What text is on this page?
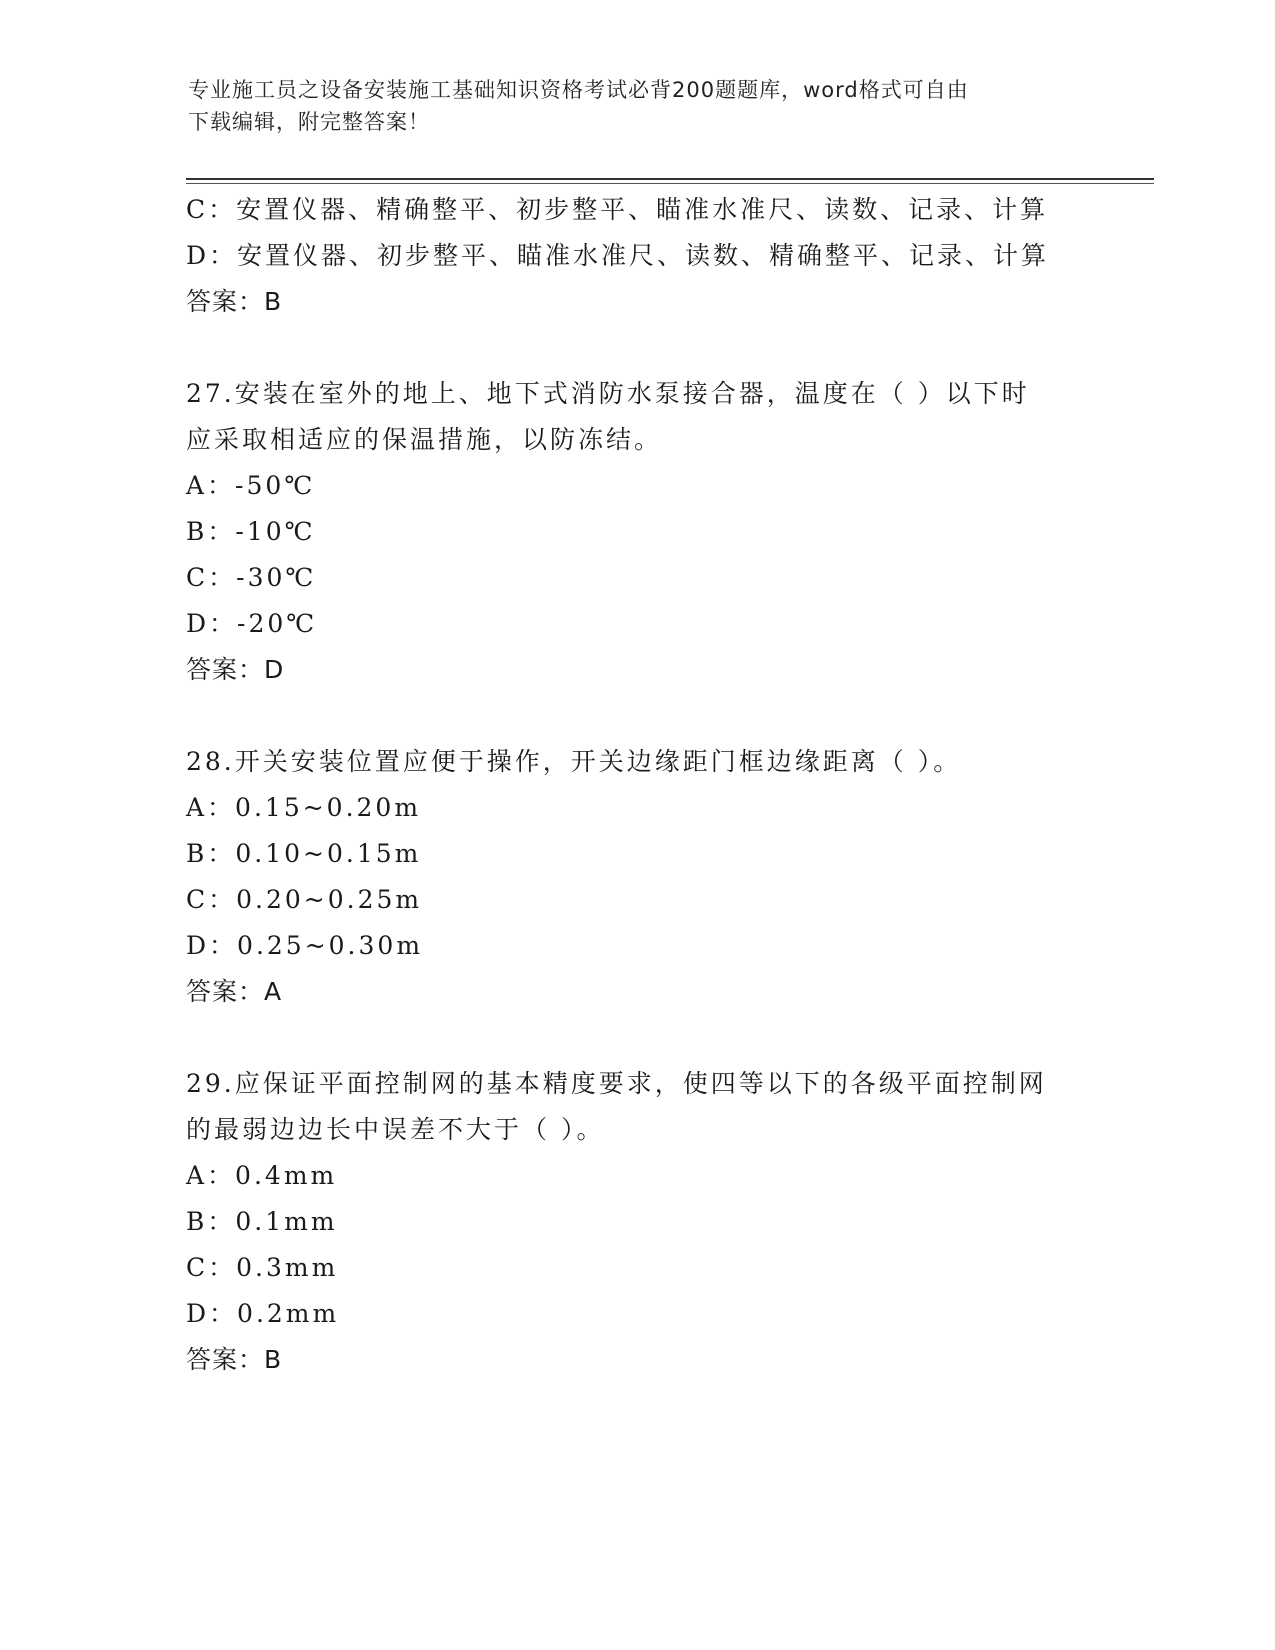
专业施工员之设备安装施工基础知识资格考试必背200题题库，word格式可自由
下载编辑，附完整答案！
C：安置仪器、精确整平、初步整平、瞄准水准尺、读数、记录、计算
D：安置仪器、初步整平、瞄准水准尺、读数、精确整平、记录、计算
答案：B
27.安装在室外的地上、地下式消防水泵接合器，温度在（ ）以下时
应采取相适应的保温措施，以防冻结。
A：-50℃
B：-10℃
C：-30℃
D：-20℃
答案：D
28.开关安装位置应便于操作，开关边缘距门框边缘距离（ ）。
A：0.15~0.20m
B：0.10~0.15m
C：0.20~0.25m
D：0.25~0.30m
答案：A
29.应保证平面控制网的基本精度要求，使四等以下的各级平面控制网
的最弱边边长中误差不大于（ ）。
A：0.4mm
B：0.1mm
C：0.3mm
D：0.2mm
答案：B
